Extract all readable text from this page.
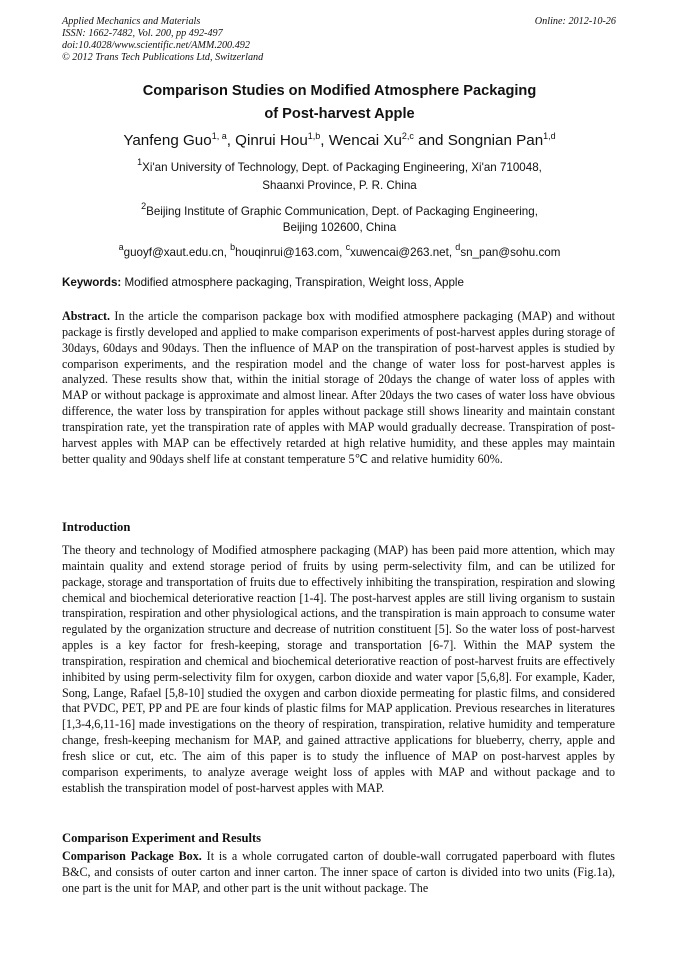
Applied Mechanics and Materials
ISSN: 1662-7482, Vol. 200, pp 492-497
doi:10.4028/www.scientific.net/AMM.200.492
© 2012 Trans Tech Publications Ltd, Switzerland
Online: 2012-10-26
Comparison Studies on Modified Atmosphere Packaging
of Post-harvest Apple
Yanfeng Guo$^{1, a}$, Qinrui Hou$^{1,b}$, Wencai Xu$^{2,c}$ and Songnian Pan$^{1,d}$
$^1$Xi'an University of Technology, Dept. of Packaging Engineering, Xi'an 710048,
Shaanxi Province, P. R. China
$^2$Beijing Institute of Graphic Communication, Dept. of Packaging Engineering,
Beijing 102600, China
$^a$guoyf@xaut.edu.cn, $^b$houqinrui@163.com, $^c$xuwencai@263.net, $^d$sn_pan@sohu.com
Keywords: Modified atmosphere packaging, Transpiration, Weight loss, Apple
Abstract. In the article the comparison package box with modified atmosphere packaging (MAP) and without package is firstly developed and applied to make comparison experiments of post-harvest apples during storage of 30days, 60days and 90days. Then the influence of MAP on the transpiration of post-harvest apples is studied by comparison experiments, and the respiration model and the change of water loss for post-harvest apples is analyzed. These results show that, within the initial storage of 20days the change of water loss of apples with MAP or without package is approximate and almost linear. After 20days the two cases of water loss have obvious difference, the water loss by transpiration for apples without package still shows linearity and maintain constant transpiration rate, yet the transpiration rate of apples with MAP would gradually decrease. Transpiration of post-harvest apples with MAP can be effectively retarded at high relative humidity, and these apples may maintain better quality and 90days shelf life at constant temperature 5℃ and relative humidity 60%.
Introduction
The theory and technology of Modified atmosphere packaging (MAP) has been paid more attention, which may maintain quality and extend storage period of fruits by using perm-selectivity film, and can be utilized for package, storage and transportation of fruits due to effectively inhibiting the transpiration, respiration and slowing chemical and biochemical deteriorative reaction [1-4]. The post-harvest apples are still living organism to sustain transpiration, respiration and other physiological actions, and the transpiration is main approach to consume water regulated by the organization structure and decrease of nutrition constituent [5]. So the water loss of post-harvest apples is a key factor for fresh-keeping, storage and transportation [6-7]. Within the MAP system the transpiration, respiration and chemical and biochemical deteriorative reaction of post-harvest fruits are effectively inhibited by using perm-selectivity film for oxygen, carbon dioxide and water vapor [5,6,8]. For example, Kader, Song, Lange, Rafael [5,8-10] studied the oxygen and carbon dioxide permeating for plastic films, and considered that PVDC, PET, PP and PE are four kinds of plastic films for MAP application. Previous researches in literatures [1,3-4,6,11-16] made investigations on the theory of respiration, transpiration, relative humidity and temperature change, fresh-keeping mechanism for MAP, and gained attractive applications for blueberry, cherry, apple and fresh slice or cut, etc. The aim of this paper is to study the influence of MAP on post-harvest apples by comparison experiments, to analyze average weight loss of apples with MAP and without package and to establish the transpiration model of post-harvest apples with MAP.
Comparison Experiment and Results
Comparison Package Box. It is a whole corrugated carton of double-wall corrugated paperboard with flutes B&C, and consists of outer carton and inner carton. The inner space of carton is divided into two units (Fig.1a), one part is the unit for MAP, and other part is the unit without package. The
